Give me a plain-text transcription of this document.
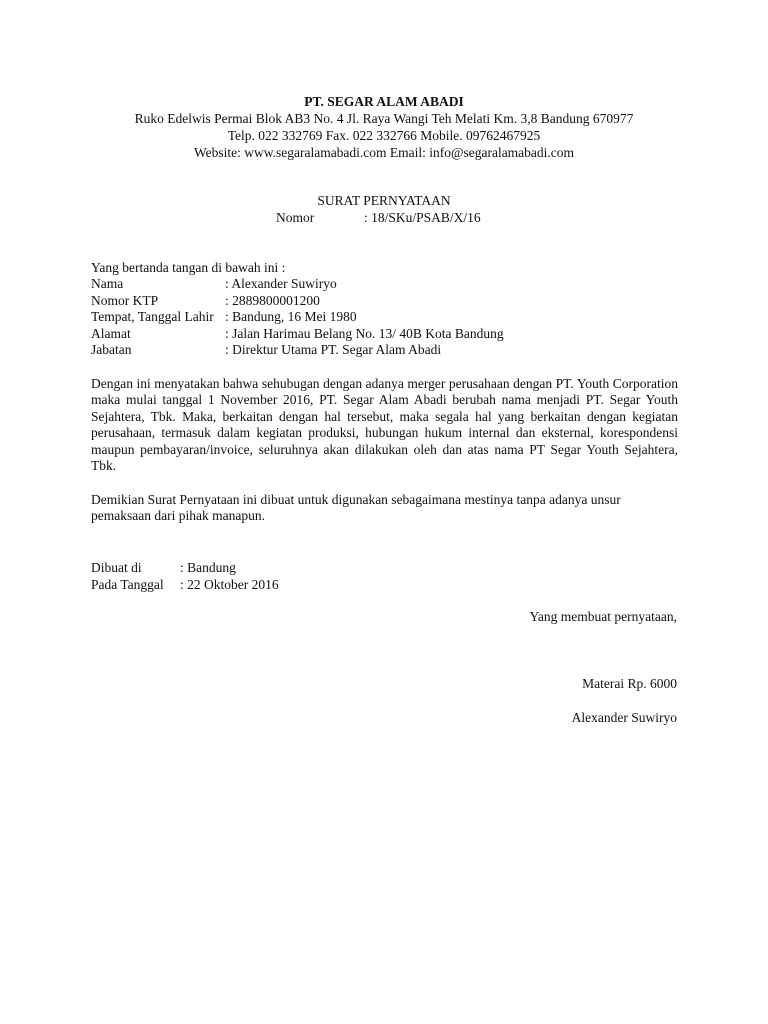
PT. SEGAR ALAM ABADI
Ruko Edelwis Permai Blok AB3 No. 4 Jl. Raya Wangi Teh Melati Km. 3,8 Bandung 670977
Telp. 022 332769 Fax. 022 332766 Mobile. 09762467925
Website: www.segaralamabadi.com Email: info@segaralamabadi.com
SURAT PERNYATAAN
Nomor	: 18/SKu/PSAB/X/16
Yang bertanda tangan di bawah ini :
Nama	: Alexander Suwiryo
Nomor KTP	: 2889800001200
Tempat, Tanggal Lahir : Bandung, 16 Mei 1980
Alamat	: Jalan Harimau Belang No. 13/ 40B Kota Bandung
Jabatan	: Direktur Utama PT. Segar Alam Abadi
Dengan ini menyatakan bahwa sehubugan dengan adanya merger perusahaan dengan PT. Youth Corporation maka mulai tanggal 1 November 2016, PT. Segar Alam Abadi berubah nama menjadi PT. Segar Youth Sejahtera, Tbk. Maka, berkaitan dengan hal tersebut, maka segala hal yang berkaitan dengan kegiatan perusahaan, termasuk dalam kegiatan produksi, hubungan hukum internal dan eksternal, korespondensi maupun pembayaran/invoice, seluruhnya akan dilakukan oleh dan atas nama PT Segar Youth Sejahtera, Tbk.
Demikian Surat Pernyataan ini dibuat untuk digunakan sebagaimana mestinya tanpa adanya unsur pemaksaan dari pihak manapun.
Dibuat di	: Bandung
Pada Tanggal : 22 Oktober 2016
Yang membuat pernyataan,
Materai Rp. 6000
Alexander Suwiryo
